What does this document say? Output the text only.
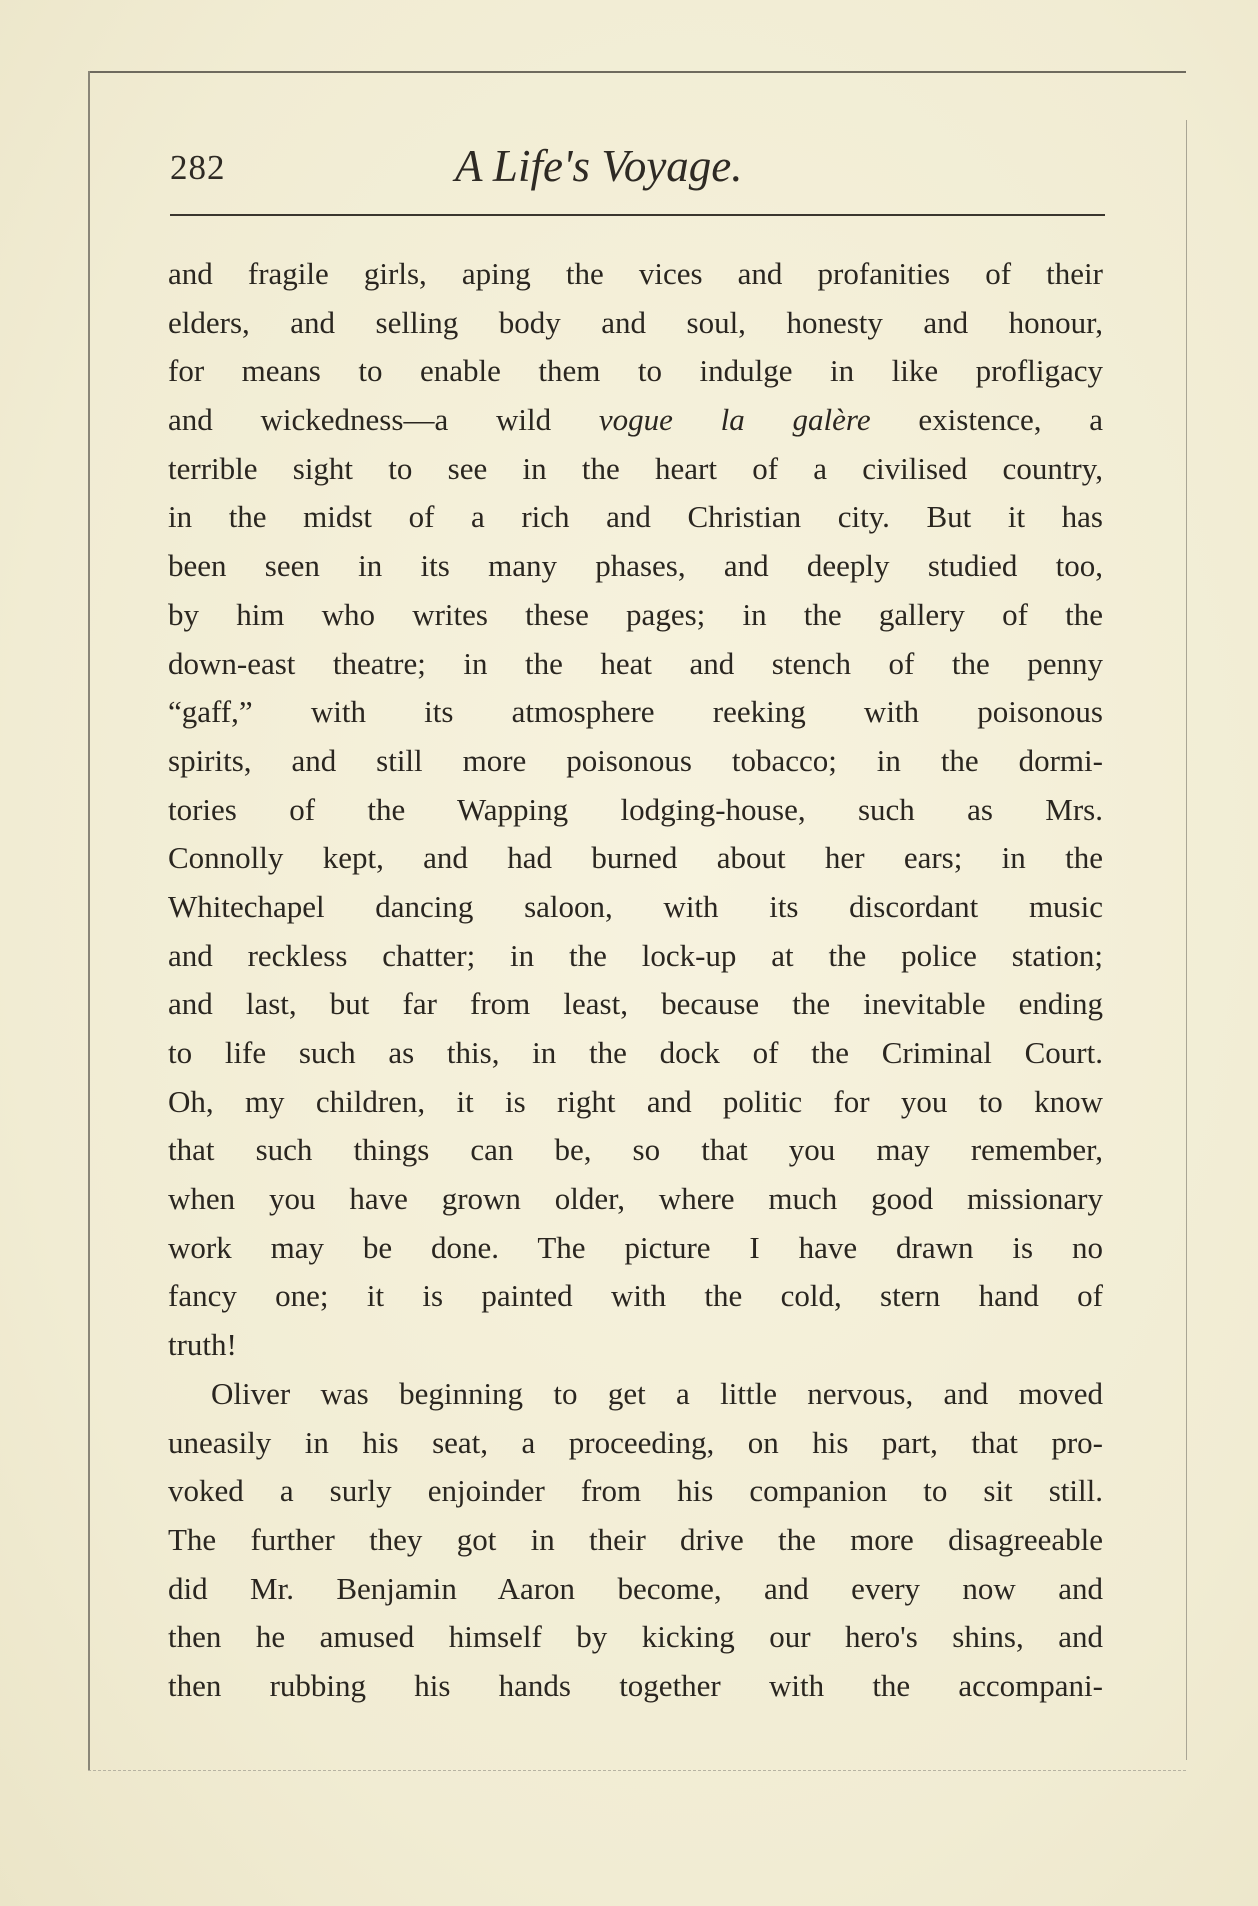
282	A Life's Voyage.
and fragile girls, aping the vices and profanities of their
elders, and selling body and soul, honesty and honour,
for means to enable them to indulge in like profligacy
and wickedness—a wild vogue la galère existence, a
terrible sight to see in the heart of a civilised country,
in the midst of a rich and Christian city. But it has
been seen in its many phases, and deeply studied too,
by him who writes these pages; in the gallery of the
down-east theatre; in the heat and stench of the penny
“gaff,” with its atmosphere reeking with poisonous
spirits, and still more poisonous tobacco; in the dormi-
tories of the Wapping lodging-house, such as Mrs.
Connolly kept, and had burned about her ears; in the
Whitechapel dancing saloon, with its discordant music
and reckless chatter; in the lock-up at the police station;
and last, but far from least, because the inevitable ending
to life such as this, in the dock of the Criminal Court.
Oh, my children, it is right and politic for you to know
that such things can be, so that you may remember,
when you have grown older, where much good missionary
work may be done. The picture I have drawn is no
fancy one; it is painted with the cold, stern hand of
truth!
Oliver was beginning to get a little nervous, and moved
uneasily in his seat, a proceeding, on his part, that pro-
voked a surly enjoinder from his companion to sit still.
The further they got in their drive the more disagreeable
did Mr. Benjamin Aaron become, and every now and
then he amused himself by kicking our hero's shins, and
then rubbing his hands together with the accompani-
